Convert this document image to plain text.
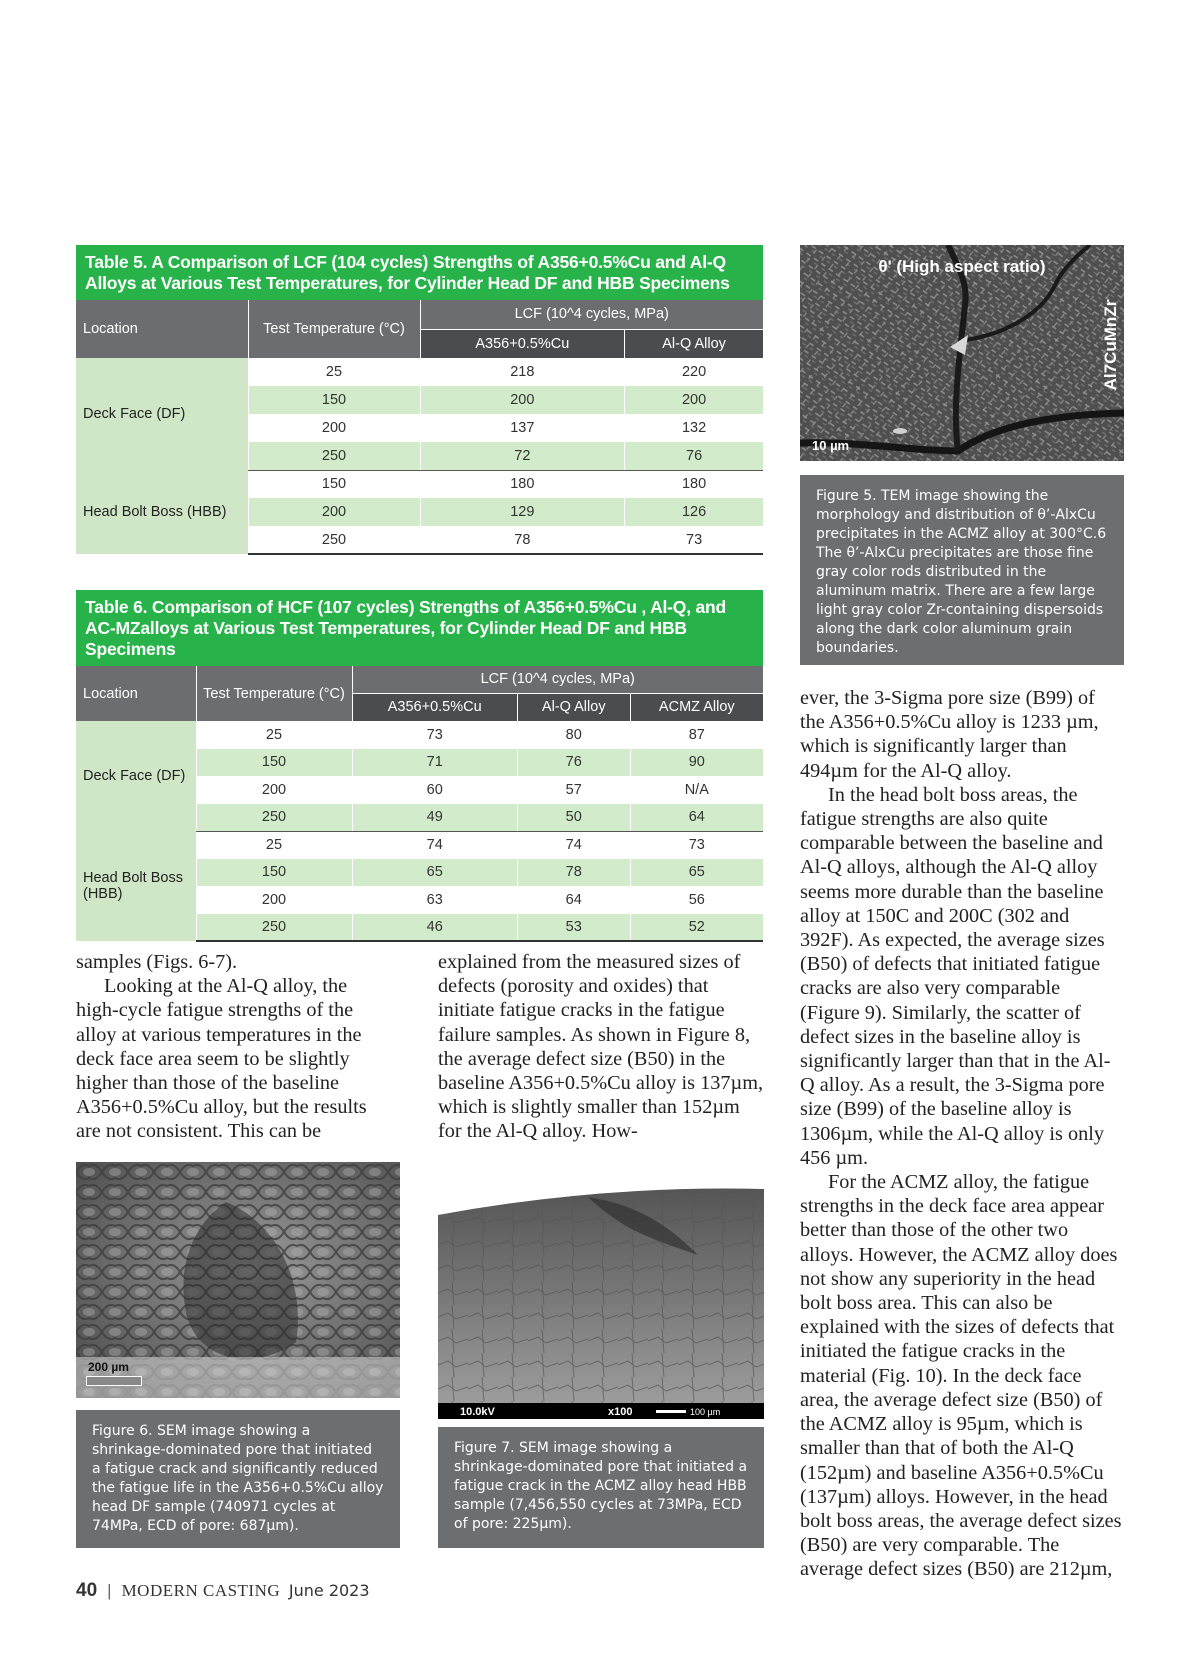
Table 5. A Comparison of LCF (104 cycles) Strengths of A356+0.5%Cu and Al-Q Alloys at Various Test Temperatures, for Cylinder Head DF and HBB Specimens
Location	Test Temperature (°C)	LCF (10^4 cycles, MPa)	
		A356+0.5%Cu	Al-Q Alloy
Deck Face (DF)	25	218	220
	150	200	200
	200	137	132
	250	72	76
Head Bolt Boss (HBB)	150	180	180
	200	129	126
	250	78	73
Table 6. Comparison of HCF (107 cycles) Strengths of A356+0.5%Cu , Al-Q, and AC-MZalloys at Various Test Temperatures, for Cylinder Head DF and HBB Specimens
Location	Test Temperature (°C)	LCF (10^4 cycles, MPa)		
		A356+0.5%Cu	Al-Q Alloy	ACMZ Alloy
Deck Face (DF)	25	73	80	87
	150	71	76	90
	200	60	57	N/A
	250	49	50	64
Head Bolt Boss (HBB)	25	74	74	73
	150	65	78	65
	200	63	64	56
	250	46	53	52
θ' (High aspect ratio)
Al7CuMnZr
10 µm
Figure 5. TEM image showing the morphology and distribution of θ’-AlxCu precipitates in the ACMZ alloy at 300°C.6 The θ’-AlxCu precipitates are those fine gray color rods distributed in the aluminum matrix. There are a few large light gray color Zr-containing dispersoids along the dark color aluminum grain boundaries.

samples (Figs. 6-7).

Looking at the Al-Q alloy, the high-cycle fatigue strengths of the alloy at various temperatures in the deck face area seem to be slightly higher than those of the baseline A356+0.5%Cu alloy, but the results are not consistent. This can be

explained from the measured sizes of defects (porosity and oxides) that initiate fatigue cracks in the fatigue failure samples. As shown in Figure 8, the average defect size (B50) in the baseline A356+0.5%Cu alloy is 137µm, which is slightly smaller than 152µm for the Al-Q alloy. How-

ever, the 3-Sigma pore size (B99) of the A356+0.5%Cu alloy is 1233 µm, which is significantly larger than 494µm for the Al-Q alloy.

In the head bolt boss areas, the fatigue strengths are also quite comparable between the baseline and Al-Q alloys, although the Al-Q alloy seems more durable than the baseline alloy at 150C and 200C (302 and 392F). As expected, the average sizes (B50) of defects that initiated fatigue cracks are also very comparable (Figure 9). Similarly, the scatter of defect sizes in the baseline alloy is significantly larger than that in the Al-Q alloy. As a result, the 3-Sigma pore size (B99) of the baseline alloy is 1306µm, while the Al-Q alloy is only 456 µm.

For the ACMZ alloy, the fatigue strengths in the deck face area appear better than those of the other two alloys. However, the ACMZ alloy does not show any superiority in the head bolt boss area. This can also be explained with the sizes of defects that initiated the fatigue cracks in the material (Fig. 10). In the deck face area, the average defect size (B50) of the ACMZ alloy is 95µm, which is smaller than that of both the Al-Q (152µm) and baseline A356+0.5%Cu (137µm) alloys. However, in the head bolt boss areas, the average defect sizes (B50) are very comparable. The average defect sizes (B50) are 212µm,

200 µm
Figure 6. SEM image showing a shrinkage-dominated pore that initiated a fatigue crack and significantly reduced the fatigue life in the A356+0.5%Cu alloy head DF sample (740971 cycles at 74MPa, ECD of pore: 687µm).
10.0kV	x100	100 µm
Figure 7. SEM image showing a shrinkage-dominated pore that initiated a fatigue crack in the ACMZ alloy head HBB sample (7,456,550 cycles at 73MPa, ECD of pore: 225µm).
40 | MODERN CASTING June 2023
